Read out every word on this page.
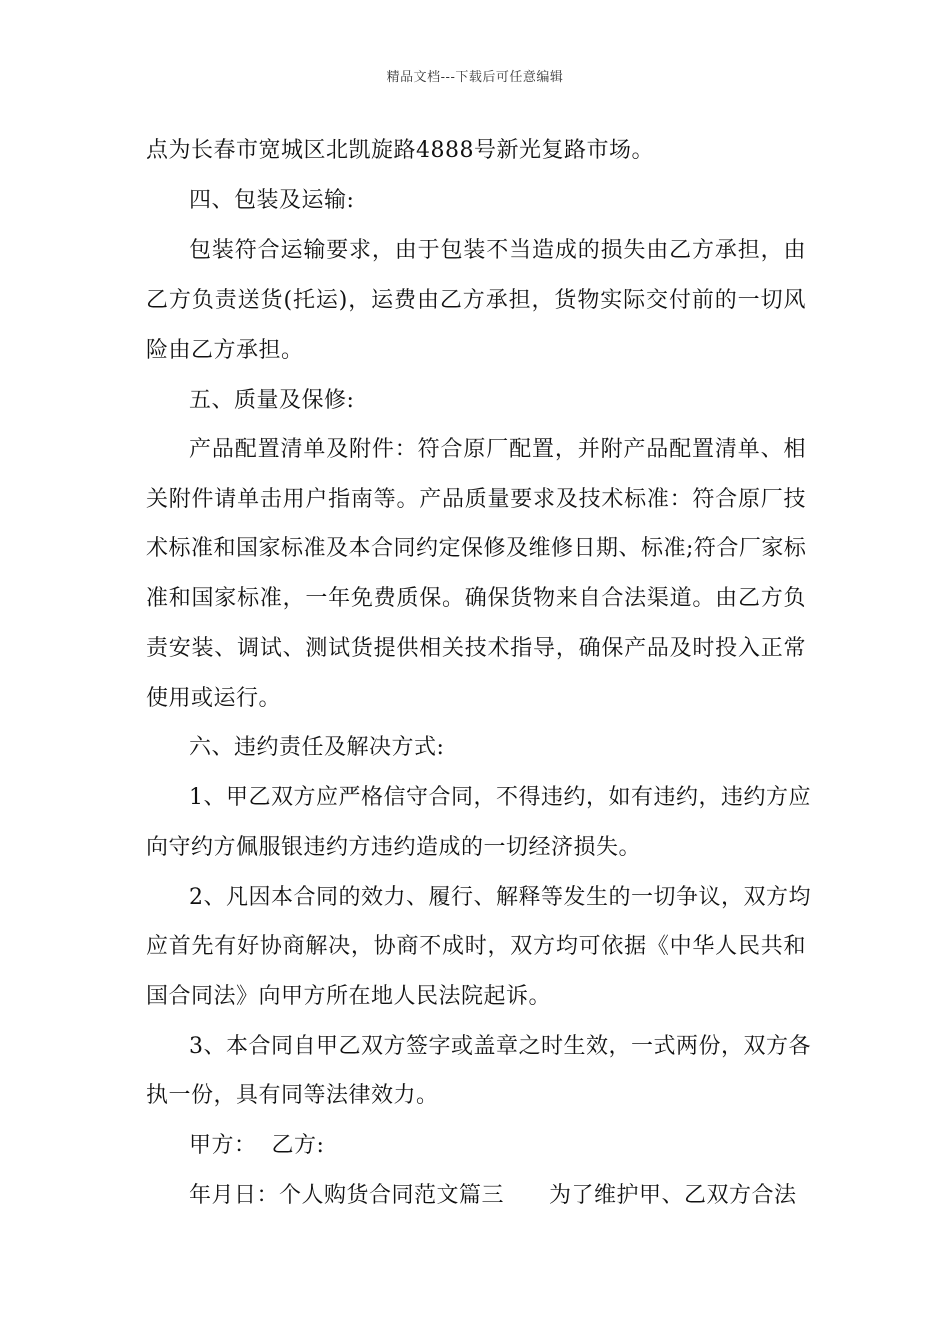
精品文档---下载后可任意编辑
点为长春市宽城区北凯旋路4888号新光复路市场。
四、包装及运输:
包装符合运输要求，由于包装不当造成的损失由乙方承担，由
乙方负责送货(托运)，运费由乙方承担，货物实际交付前的一切风
险由乙方承担。
五、质量及保修:
产品配置清单及附件：符合原厂配置，并附产品配置清单、相
关附件请单击用户指南等。产品质量要求及技术标准：符合原厂技
术标准和国家标准及本合同约定保修及维修日期、标准;符合厂家标
准和国家标准，一年免费质保。确保货物来自合法渠道。由乙方负
责安装、调试、测试货提供相关技术指导，确保产品及时投入正常
使用或运行。
六、违约责任及解决方式:
1、甲乙双方应严格信守合同，不得违约，如有违约，违约方应
向守约方佩服银违约方违约造成的一切经济损失。
2、凡因本合同的效力、履行、解释等发生的一切争议，双方均
应首先有好协商解决，协商不成时，双方均可依据《中华人民共和
国合同法》向甲方所在地人民法院起诉。
3、本合同自甲乙双方签字或盖章之时生效，一式两份，双方各
执一份，具有同等法律效力。
甲方：  乙方:
年月日：个人购货合同范文篇三      为了维护甲、乙双方合法
